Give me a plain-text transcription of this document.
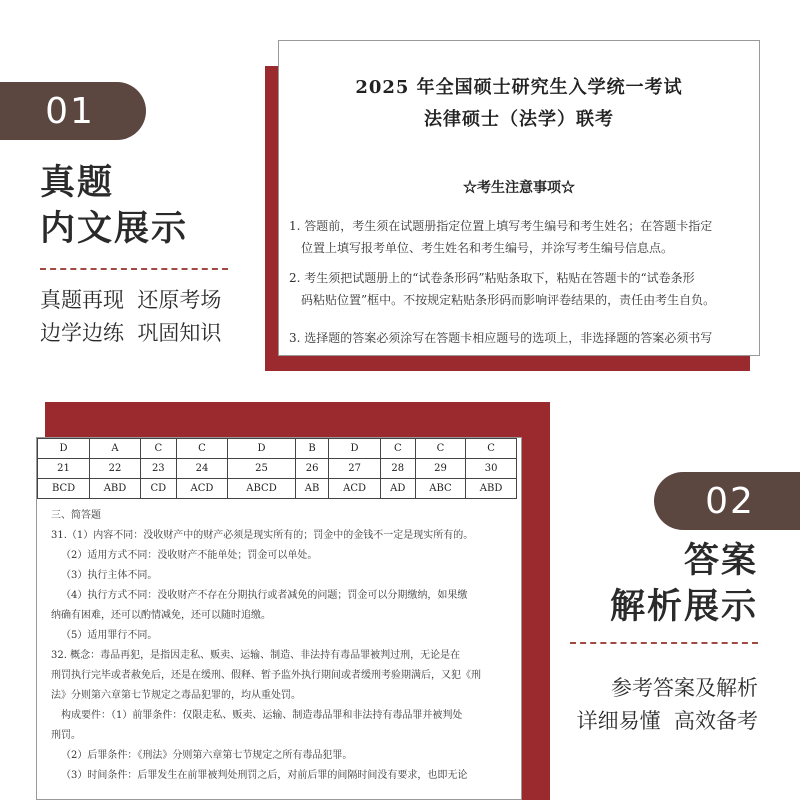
01
真题
内文展示
真题再现  还原考场
边学边练  巩固知识
2025 年全国硕士研究生入学统一考试
法律硕士（法学）联考
☆考生注意事项☆
1. 答题前，考生须在试题册指定位置上填写考生编号和考生姓名；在答题卡指定
位置上填写报考单位、考生姓名和考生编号，并涂写考生编号信息点。
2. 考生须把试题册上的“试卷条形码”粘贴条取下，粘贴在答题卡的“试卷条形
码粘贴位置”框中。不按规定粘贴条形码而影响评卷结果的，责任由考生自负。
3. 选择题的答案必须涂写在答题卡相应题号的选项上，非选择题的答案必须书写
D	A	C	C	D	B	D	C	C	C
21	22	23	24	25	26	27	28	29	30
BCD	ABD	CD	ACD	ABCD	AB	ACD	AD	ABC	ABD
三、简答题
31.（1）内容不同：没收财产中的财产必须是现实所有的；罚金中的金钱不一定是现实所有的。
（2）适用方式不同：没收财产不能单处；罚金可以单处。
（3）执行主体不同。
（4）执行方式不同：没收财产不存在分期执行或者减免的问题；罚金可以分期缴纳，如果缴
纳确有困难，还可以酌情减免，还可以随时追缴。
（5）适用罪行不同。
32. 概念：毒品再犯，是指因走私、贩卖、运输、制造、非法持有毒品罪被判过刑，无论是在
刑罚执行完毕或者赦免后，还是在缓刑、假释、暂予监外执行期间或者缓刑考验期满后，又犯《刑
法》分则第六章第七节规定之毒品犯罪的，均从重处罚。
构成要件：（1）前罪条件：仅限走私、贩卖、运输、制造毒品罪和非法持有毒品罪并被判处
刑罚。
（2）后罪条件：《刑法》分则第六章第七节规定之所有毒品犯罪。
（3）时间条件：后罪发生在前罪被判处刑罚之后，对前后罪的间隔时间没有要求，也即无论
02
答案
解析展示
参考答案及解析
详细易懂  高效备考
